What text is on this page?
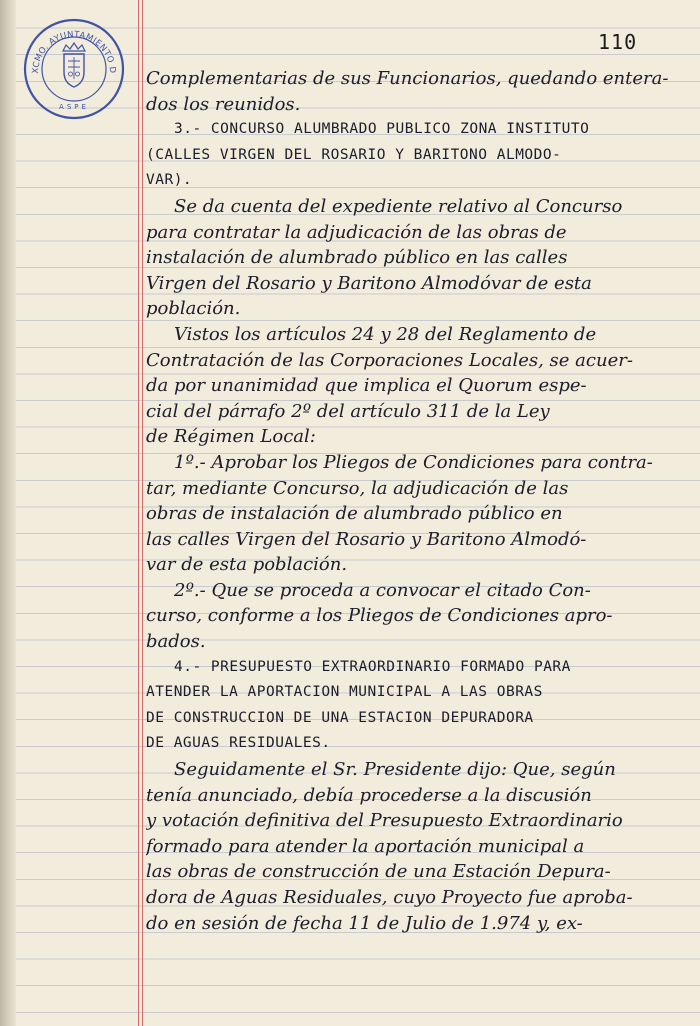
XCMO. AYUNTAMIENTO D
ASPE
110
Complementarias de sus Funcionarios, quedando entera-
dos los reunidos.
3.- CONCURSO ALUMBRADO PUBLICO ZONA INSTITUTO
(CALLES VIRGEN DEL ROSARIO Y BARITONO ALMODO-
VAR).
Se da cuenta del expediente relativo al Concurso
para contratar la adjudicación de las obras de
instalación de alumbrado público en las calles
Virgen del Rosario y Baritono Almodóvar de esta
población.
Vistos los artículos 24 y 28 del Reglamento de
Contratación de las Corporaciones Locales, se acuer-
da por unanimidad que implica el Quorum espe-
cial del párrafo 2º del artículo 311 de la Ley
de Régimen Local:
1º.- Aprobar los Pliegos de Condiciones para contra-
tar, mediante Concurso, la adjudicación de las
obras de instalación de alumbrado público en
las calles Virgen del Rosario y Baritono Almodó-
var de esta población.
2º.- Que se proceda a convocar el citado Con-
curso, conforme a los Pliegos de Condiciones apro-
bados.
4.- PRESUPUESTO EXTRAORDINARIO FORMADO PARA
ATENDER LA APORTACION MUNICIPAL A LAS OBRAS
DE CONSTRUCCION DE UNA ESTACION DEPURADORA
DE AGUAS RESIDUALES.
Seguidamente el Sr. Presidente dijo: Que, según
tenía anunciado, debía procederse a la discusión
y votación definitiva del Presupuesto Extraordinario
formado para atender la aportación municipal a
las obras de construcción de una Estación Depura-
dora de Aguas Residuales, cuyo Proyecto fue aproba-
do en sesión de fecha 11 de Julio de 1.974 y, ex-
